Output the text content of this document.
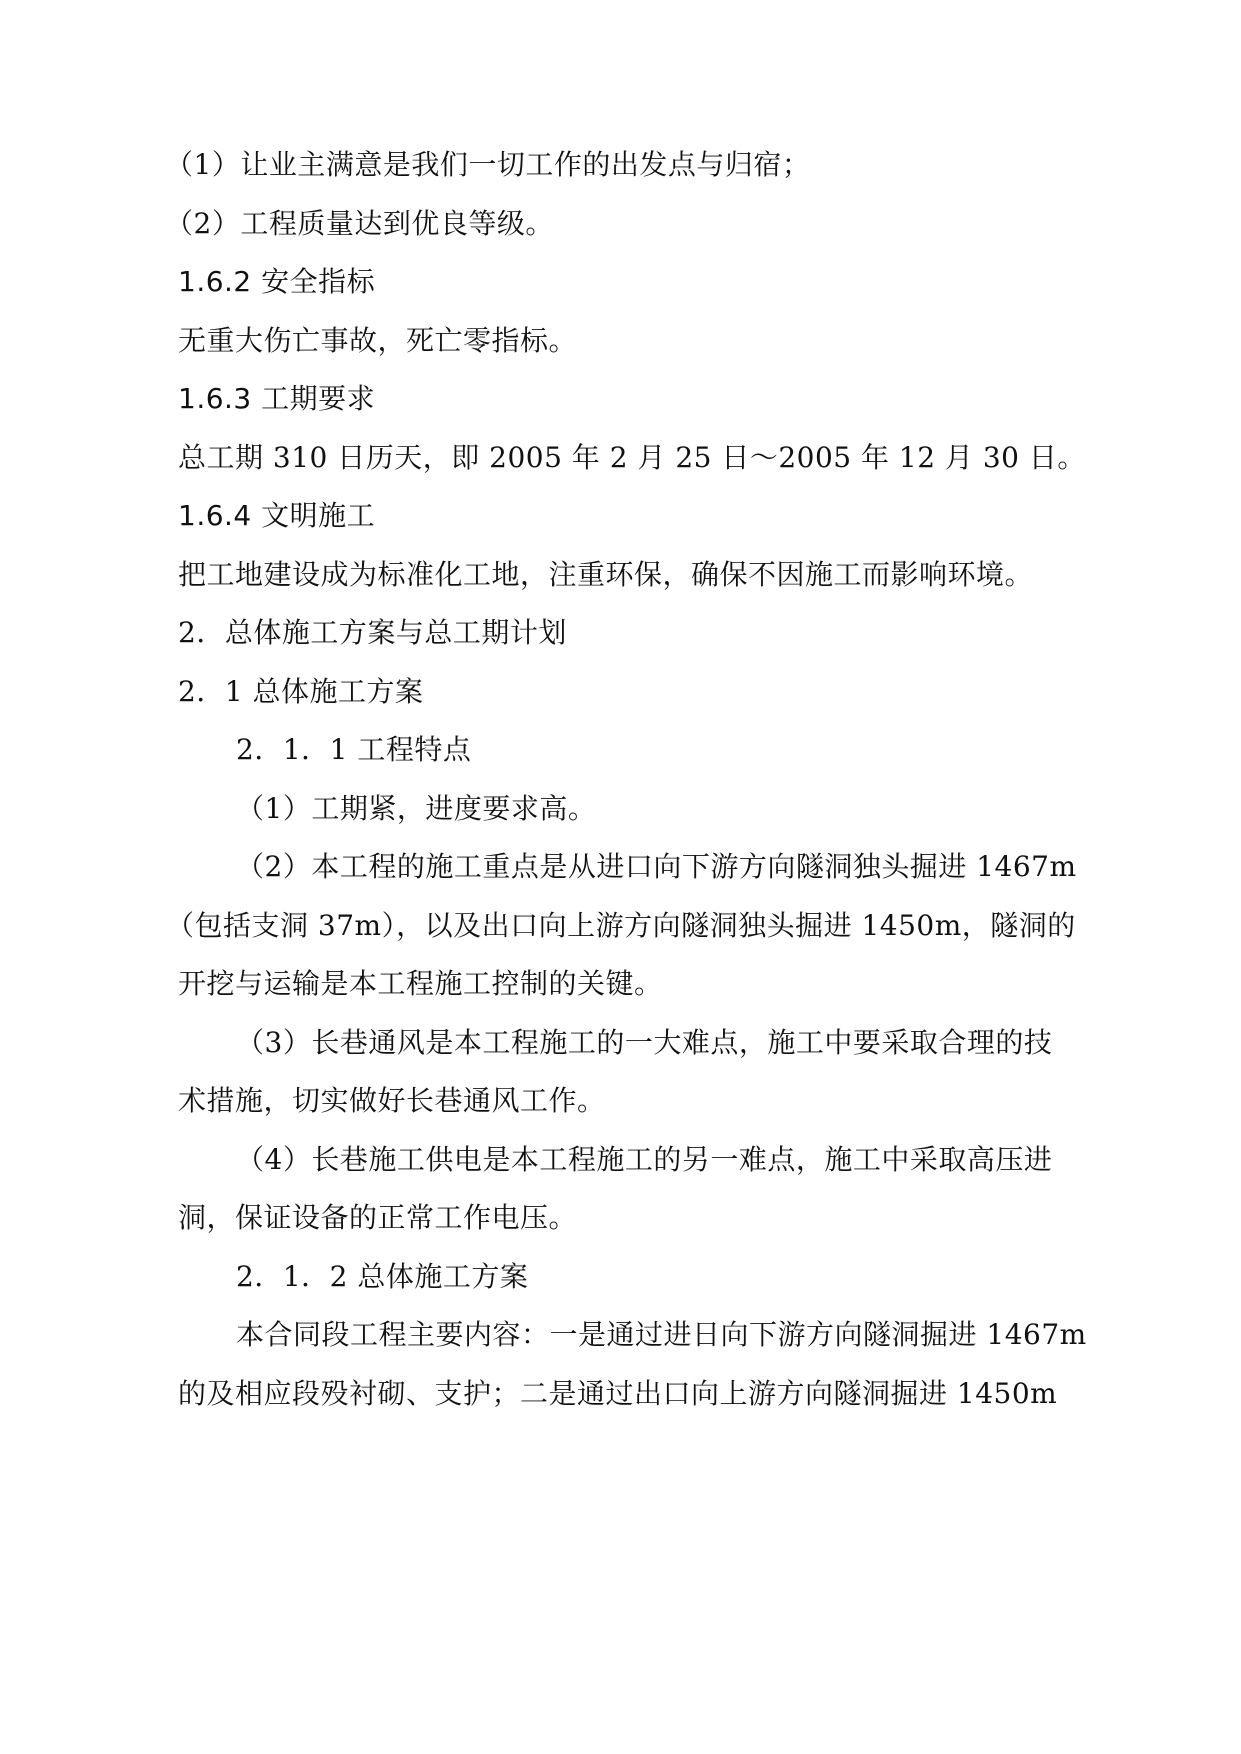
（1）让业主满意是我们一切工作的出发点与归宿；
（2）工程质量达到优良等级。
1.6.2 安全指标
无重大伤亡事故，死亡零指标。
1.6.3 工期要求
总工期 310 日历天，即 2005 年 2 月 25 日～2005 年 12 月 30 日。
1.6.4 文明施工
把工地建设成为标准化工地，注重环保，确保不因施工而影响环境。
2．总体施工方案与总工期计划
2．1 总体施工方案
2．1．1 工程特点
（1）工期紧，进度要求高。
（2）本工程的施工重点是从进口向下游方向隧洞独头掘进 1467m
（包括支洞 37m），以及出口向上游方向隧洞独头掘进 1450m，隧洞的
开挖与运输是本工程施工控制的关键。
（3）长巷通风是本工程施工的一大难点，施工中要采取合理的技
术措施，切实做好长巷通风工作。
（4）长巷施工供电是本工程施工的另一难点，施工中采取高压进
洞，保证设备的正常工作电压。
2．1．2 总体施工方案
本合同段工程主要内容：一是通过进日向下游方向隧洞掘进 1467m
的及相应段殁衬砌、支护；二是通过出口向上游方向隧洞掘进 1450m
